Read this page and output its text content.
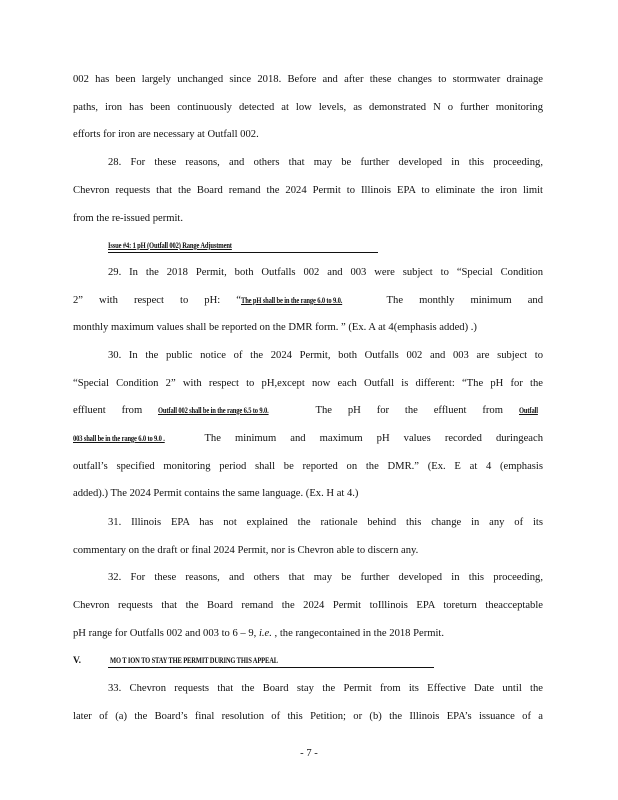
002 has been largely unchanged since 2018. Before and after these changes to stormwater drainage
paths, iron has been continuously detected at low levels, as demonstrated N o further monitoring
efforts for iron are necessary at Outfall 002.
28. For these reasons, and others that may be further developed in this proceeding,
Chevron requests that the Board remand the 2024 Permit to Illinois EPA to eliminate the iron limit
from the re-issued permit.
Issue #4: 1 pH (Outfall 002) Range Adjustment
29. In the 2018 Permit, both Outfalls 002 and 003 were subject to “Special Condition
2” with respect to pH: “The pH shall be in the range 6.0 to 9.0.	The monthly minimum and
monthly maximum values shall be reported on the DMR form. ” (Ex. A at 4(emphasis added) .)
30. In the public notice of the 2024 Permit, both Outfalls 002 and 003 are subject to
“Special Condition 2” with respect to pH,except now each Outfall is different: “The pH for the
effluent from Outfall 002 shall be in the range 6.5 to 9.0.	The pH for the effluent from Outfall
003 shall be in the range 6.0 to 9.0 . The minimum and maximum pH values recorded duringeach
outfall’s specified monitoring period shall be reported on the DMR.” (Ex. E at 4 (emphasis
added).) The 2024 Permit contains the same language. (Ex. H at 4.)
31. Illinois EPA has not explained the rationale behind this change in any of its
commentary on the draft or final 2024 Permit, nor is Chevron able to discern any.
32. For these reasons, and others that may be further developed in this proceeding,
Chevron requests that the Board remand the 2024 Permit toIllinois EPA toreturn theacceptable
pH range for Outfalls 002 and 003 to 6 – 9, i.e. , the rangecontained in the 2018 Permit.
V.	MO T ION TO STAY THE PERMIT DURING THIS APPEAL
33. Chevron requests that the Board stay the Permit from its Effective Date until the
later of (a) the Board’s final resolution of this Petition; or (b) the Illinois EPA’s issuance of a
- 7 -
